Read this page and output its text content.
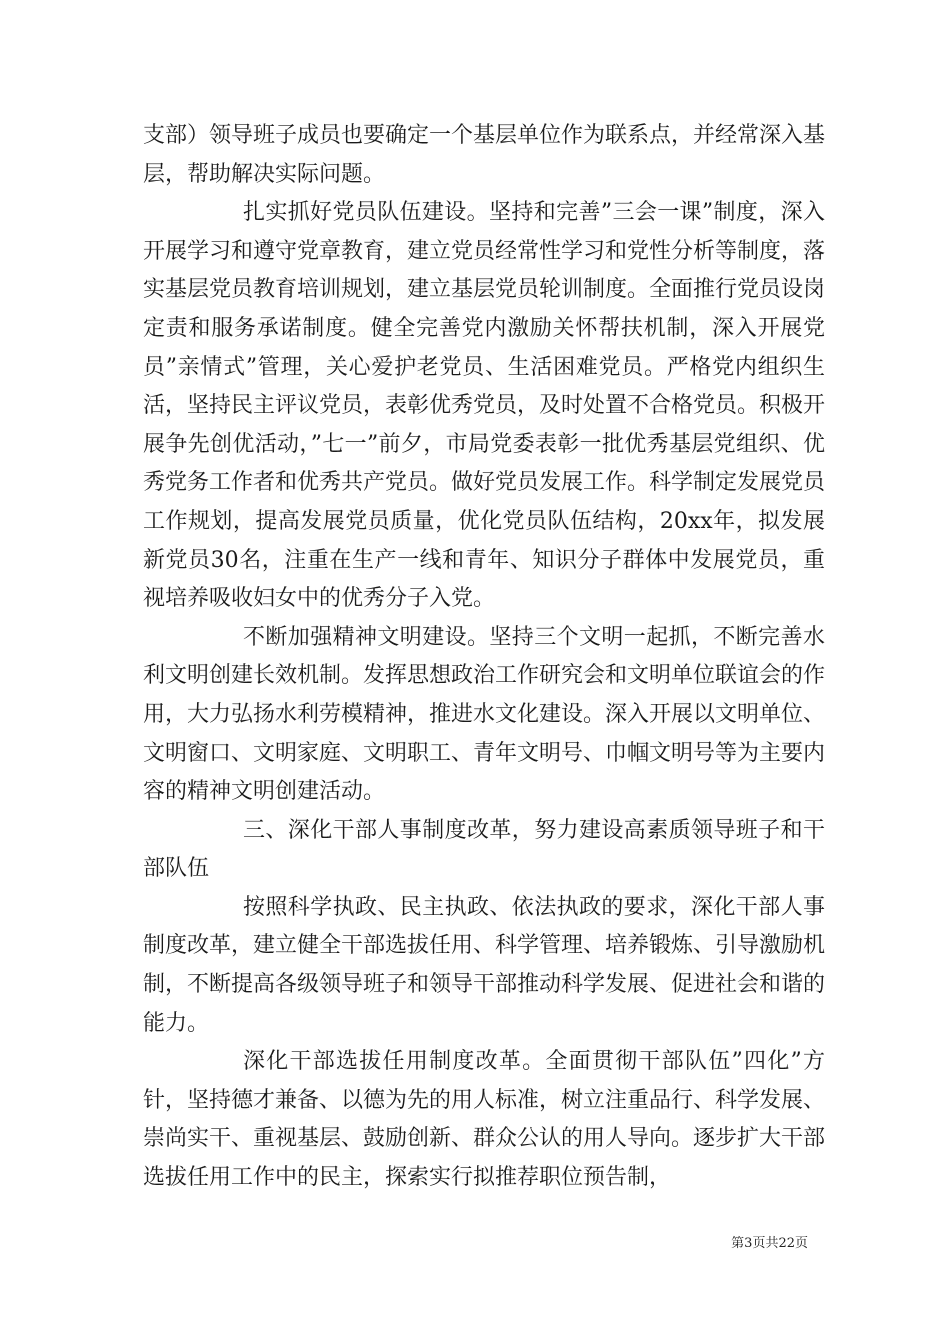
支部）领导班子成员也要确定一个基层单位作为联系点，并经常深入基层，帮助解决实际问题。

扎实抓好党员队伍建设。坚持和完善”三会一课”制度，深入开展学习和遵守党章教育，建立党员经常性学习和党性分析等制度，落实基层党员教育培训规划，建立基层党员轮训制度。全面推行党员设岗定责和服务承诺制度。健全完善党内激励关怀帮扶机制，深入开展党员”亲情式”管理，关心爱护老党员、生活困难党员。严格党内组织生活，坚持民主评议党员，表彰优秀党员，及时处置不合格党员。积极开展争先创优活动，”七一”前夕，市局党委表彰一批优秀基层党组织、优秀党务工作者和优秀共产党员。做好党员发展工作。科学制定发展党员工作规划，提高发展党员质量，优化党员队伍结构，20xx年，拟发展新党员30名，注重在生产一线和青年、知识分子群体中发展党员，重视培养吸收妇女中的优秀分子入党。

不断加强精神文明建设。坚持三个文明一起抓，不断完善水利文明创建长效机制。发挥思想政治工作研究会和文明单位联谊会的作用，大力弘扬水利劳模精神，推进水文化建设。深入开展以文明单位、文明窗口、文明家庭、文明职工、青年文明号、巾帼文明号等为主要内容的精神文明创建活动。

三、深化干部人事制度改革，努力建设高素质领导班子和干部队伍

按照科学执政、民主执政、依法执政的要求，深化干部人事制度改革，建立健全干部选拔任用、科学管理、培养锻炼、引导激励机制，不断提高各级领导班子和领导干部推动科学发展、促进社会和谐的能力。

深化干部选拔任用制度改革。全面贯彻干部队伍”四化”方针，坚持德才兼备、以德为先的用人标准，树立注重品行、科学发展、崇尚实干、重视基层、鼓励创新、群众公认的用人导向。逐步扩大干部选拔任用工作中的民主，探索实行拟推荐职位预告制，

第3页共22页
